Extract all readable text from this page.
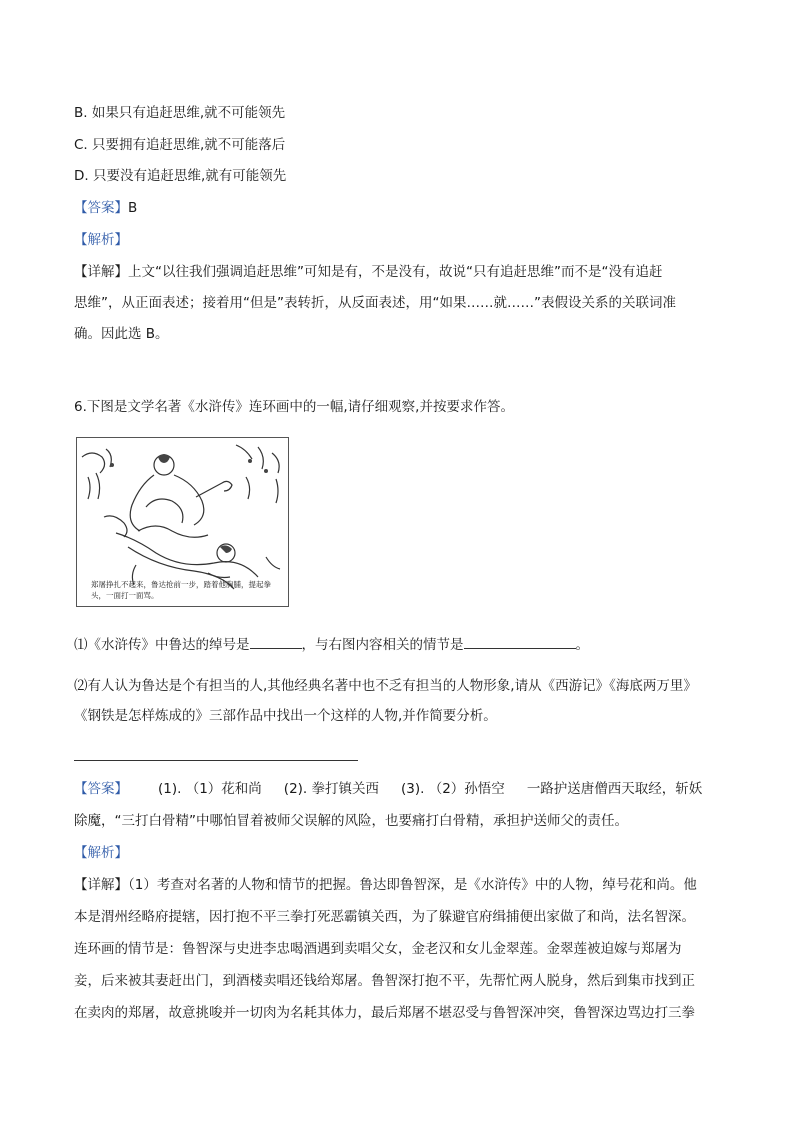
B. 如果只有追赶思维,就不可能领先
C. 只要拥有追赶思维,就不可能落后
D. 只要没有追赶思维,就有可能领先
【答案】B
【解析】
【详解】上文“以往我们强调追赶思维”可知是有，不是没有，故说“只有追赶思维”而不是“没有追赶
思维”，从正面表述；接着用“但是”表转折，从反面表述，用“如果……就……”表假设关系的关联词准
确。因此选 B。
6.下图是文学名著《水浒传》连环画中的一幅,请仔细观察,并按要求作答。
郑屠挣扎不起来，鲁达抢前一步，踏着他胸脯，提起拳头，一面打一面骂。
⑴《水浒传》中鲁达的绰号是	，与右图内容相关的情节是	。
⑵有人认为鲁达是个有担当的人,其他经典名著中也不乏有担当的人物形象,请从《西游记》《海底两万里》
《钢铁是怎样炼成的》三部作品中找出一个这样的人物,并作简要分析。
【答案】 (1). （1）花和尚 (2). 拳打镇关西 (3). （2）孙悟空 一路护送唐僧西天取经，斩妖
除魔，“三打白骨精”中哪怕冒着被师父误解的风险，也要痛打白骨精，承担护送师父的责任。
【解析】
【详解】（1）考查对名著的人物和情节的把握。鲁达即鲁智深，是《水浒传》中的人物，绰号花和尚。他
本是渭州经略府提辖，因打抱不平三拳打死恶霸镇关西，为了躲避官府缉捕便出家做了和尚，法名智深。
连环画的情节是：鲁智深与史进李忠喝酒遇到卖唱父女，金老汉和女儿金翠莲。金翠莲被迫嫁与郑屠为
妾，后来被其妻赶出门，到酒楼卖唱还钱给郑屠。鲁智深打抱不平，先帮忙两人脱身，然后到集市找到正
在卖肉的郑屠，故意挑唆并一切肉为名耗其体力，最后郑屠不堪忍受与鲁智深冲突，鲁智深边骂边打三拳
